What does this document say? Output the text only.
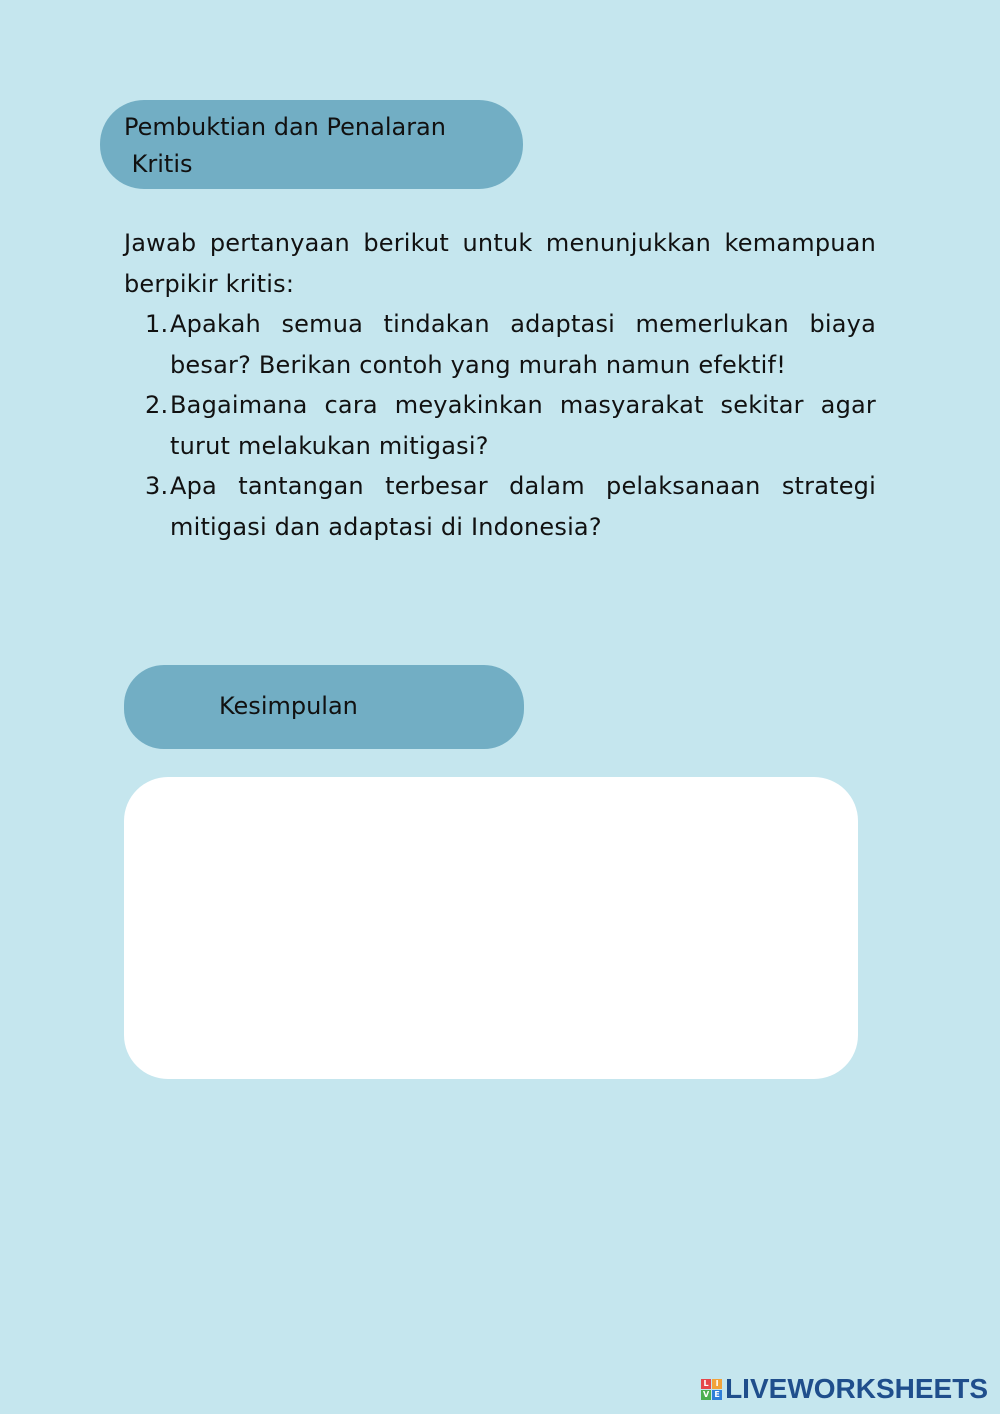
Pembuktian dan Penalaran
Kritis

Jawab pertanyaan berikut untuk menunjukkan kemampuan berpikir kritis:

1. Apakah semua tindakan adaptasi memerlukan biaya besar? Berikan contoh yang murah namun efektif!
2. Bagaimana cara meyakinkan masyarakat sekitar agar turut melakukan mitigasi?
3. Apa tantangan terbesar dalam pelaksanaan strategi mitigasi dan adaptasi di Indonesia?
Kesimpulan
L I
V E LIVEWORKSHEETS
